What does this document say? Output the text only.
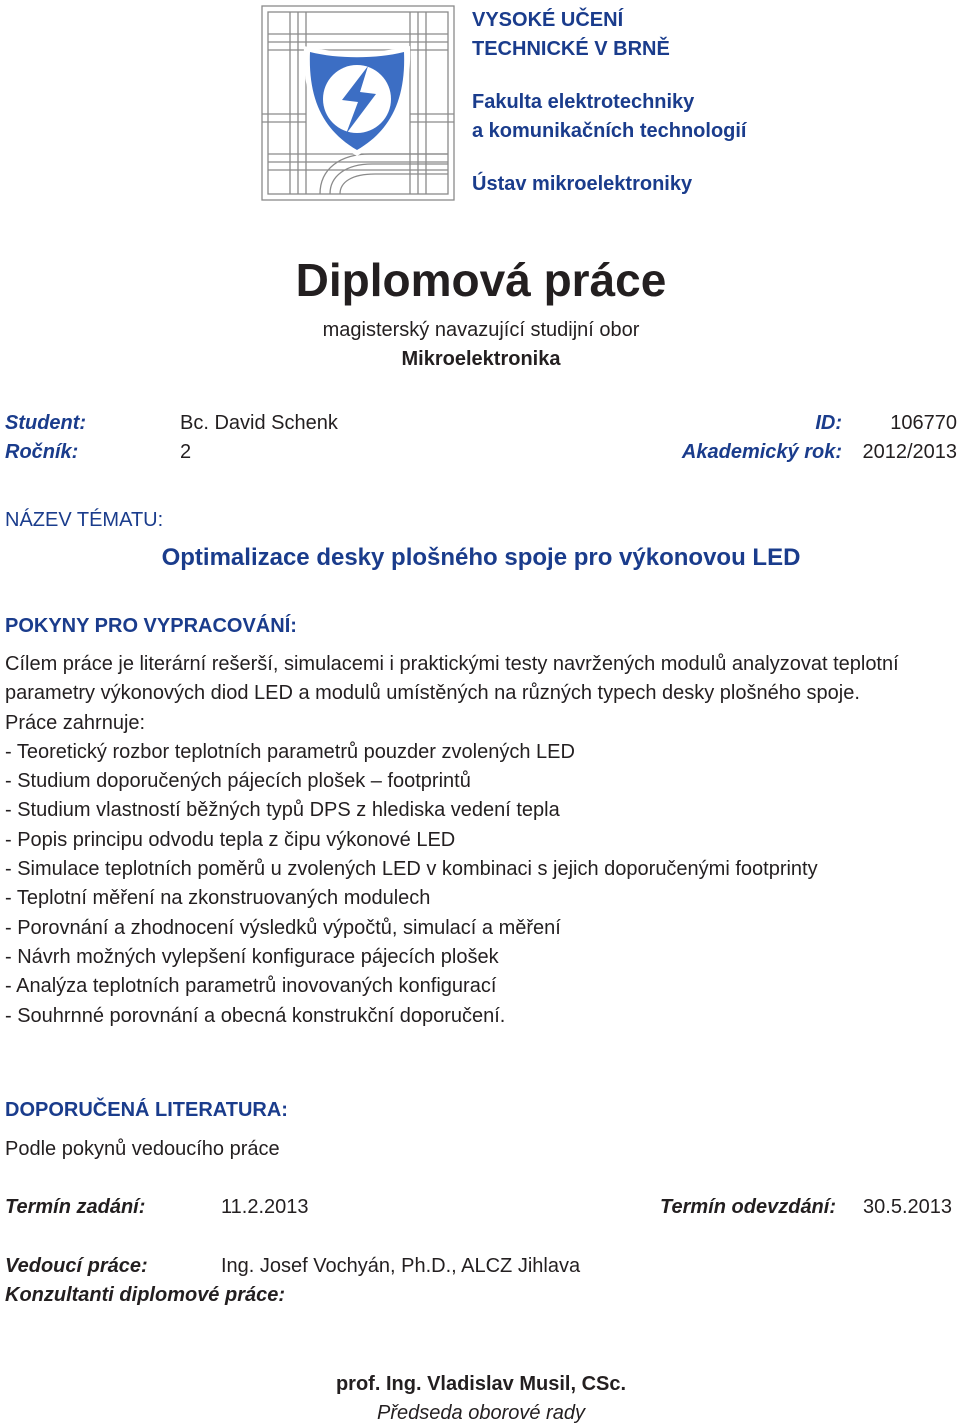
VYSOKÉ UČENÍ
TECHNICKÉ V BRNĚ
Fakulta elektrotechniky
a komunikačních technologií
Ústav mikroelektroniky
Diplomová práce
magisterský navazující studijní obor
Mikroelektronika
Student:	Bc. David Schenk	ID:	106770
Ročník:	2	Akademický rok:	2012/2013
NÁZEV TÉMATU:
Optimalizace desky plošného spoje pro výkonovou LED
POKYNY PRO VYPRACOVÁNÍ:

Cílem práce je literární rešerší, simulacemi i praktickými testy navržených modulů analyzovat teplotní parametry výkonových diod LED a modulů umístěných na různých typech desky plošného spoje.

Práce zahrnuje:

- Teoretický rozbor teplotních parametrů pouzder zvolených LED
- Studium doporučených pájecích plošek – footprintů
- Studium vlastností běžných typů DPS z hlediska vedení tepla
- Popis principu odvodu tepla z čipu výkonové LED
- Simulace teplotních poměrů u zvolených LED v kombinaci s jejich doporučenými footprinty
- Teplotní měření na zkonstruovaných modulech
- Porovnání a zhodnocení výsledků výpočtů, simulací a měření
- Návrh možných vylepšení konfigurace pájecích plošek
- Analýza teplotních parametrů inovovaných konfigurací
- Souhrnné porovnání a obecná konstrukční doporučení.
DOPORUČENÁ LITERATURA:
Podle pokynů vedoucího práce
Termín zadání:	11.2.2013	Termín odevzdání:	30.5.2013
Vedoucí práce:	Ing. Josef Vochyán, Ph.D., ALCZ Jihlava
Konzultanti diplomové práce:
prof. Ing. Vladislav Musil, CSc.
Předseda oborové rady
